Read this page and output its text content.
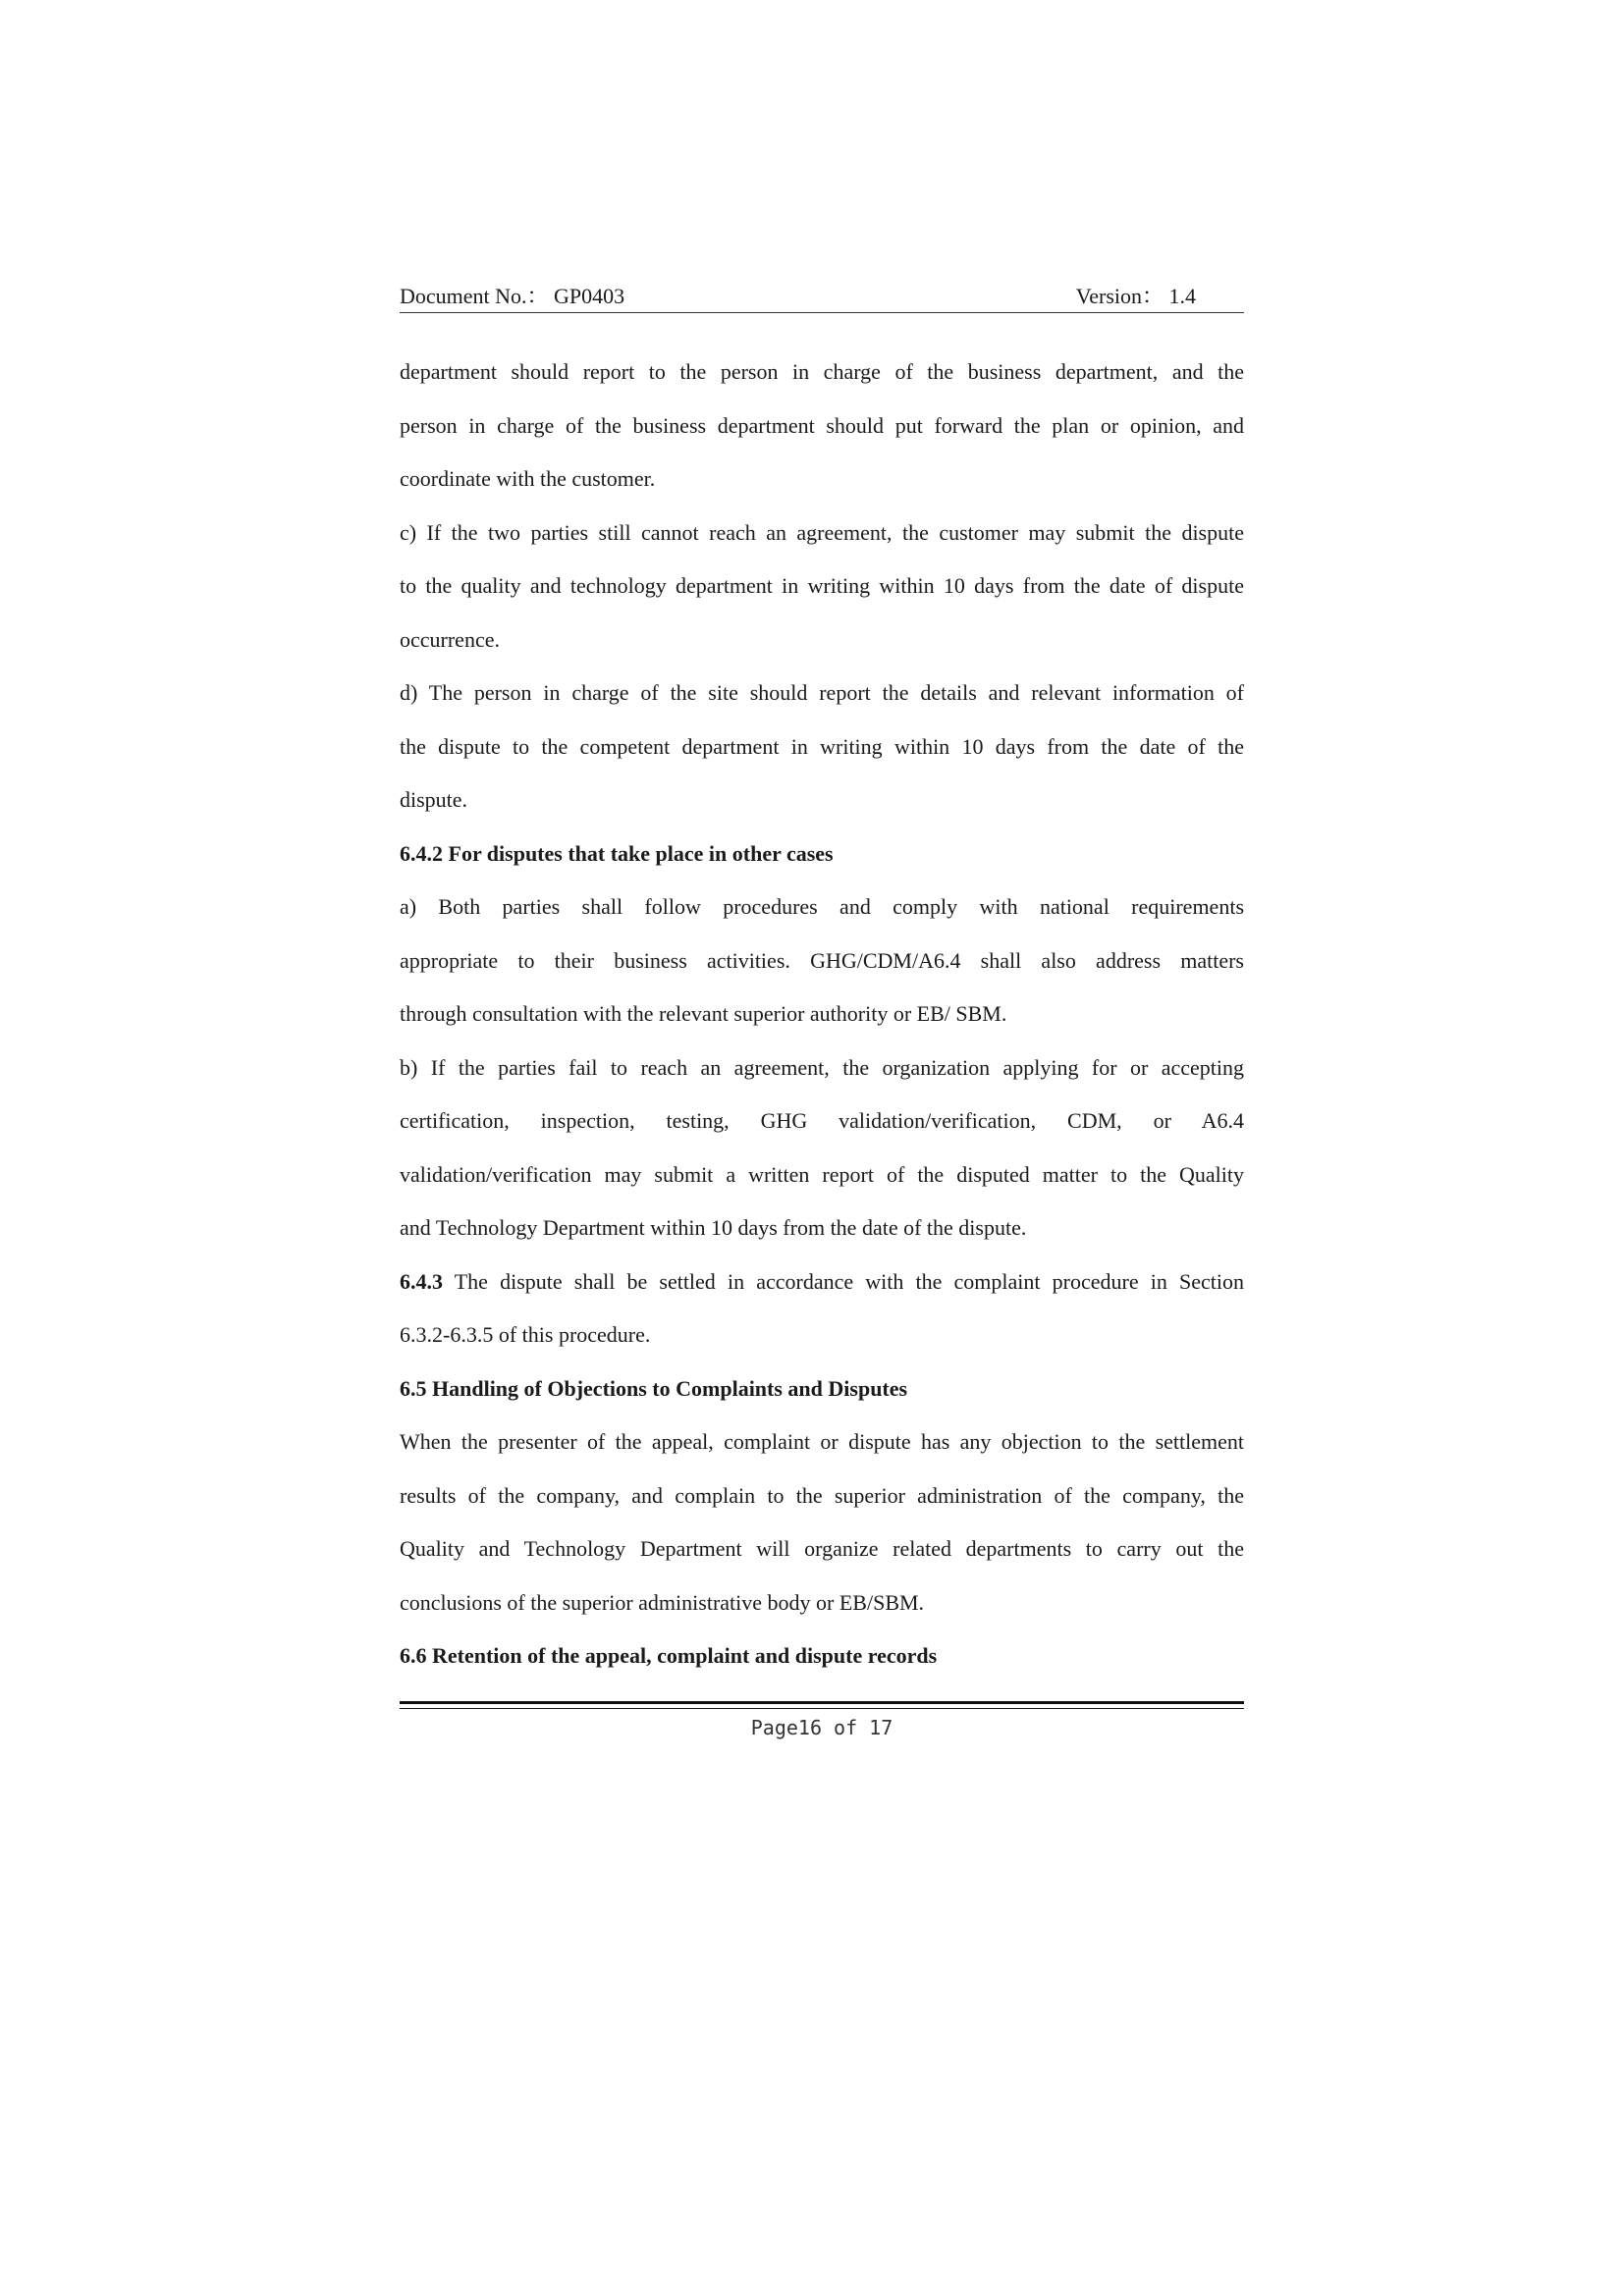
Document No.： GP0403	Version： 1.4
department should report to the person in charge of the business department, and the
person in charge of the business department should put forward the plan or opinion, and
coordinate with the customer.
c) If the two parties still cannot reach an agreement, the customer may submit the dispute
to the quality and technology department in writing within 10 days from the date of dispute
occurrence.
d) The person in charge of the site should report the details and relevant information of
the dispute to the competent department in writing within 10 days from the date of the
dispute.
6.4.2 For disputes that take place in other cases
a) Both parties shall follow procedures and comply with national requirements
appropriate to their business activities. GHG/CDM/A6.4 shall also address matters
through consultation with the relevant superior authority or EB/ SBM.
b) If the parties fail to reach an agreement, the organization applying for or accepting
certification, inspection, testing, GHG validation/verification, CDM, or A6.4
validation/verification may submit a written report of the disputed matter to the Quality
and Technology Department within 10 days from the date of the dispute.
6.4.3 The dispute shall be settled in accordance with the complaint procedure in Section
6.3.2-6.3.5 of this procedure.
6.5 Handling of Objections to Complaints and Disputes
When the presenter of the appeal, complaint or dispute has any objection to the settlement
results of the company, and complain to the superior administration of the company, the
Quality and Technology Department will organize related departments to carry out the
conclusions of the superior administrative body or EB/SBM.
6.6 Retention of the appeal, complaint and dispute records
Page16 of 17
